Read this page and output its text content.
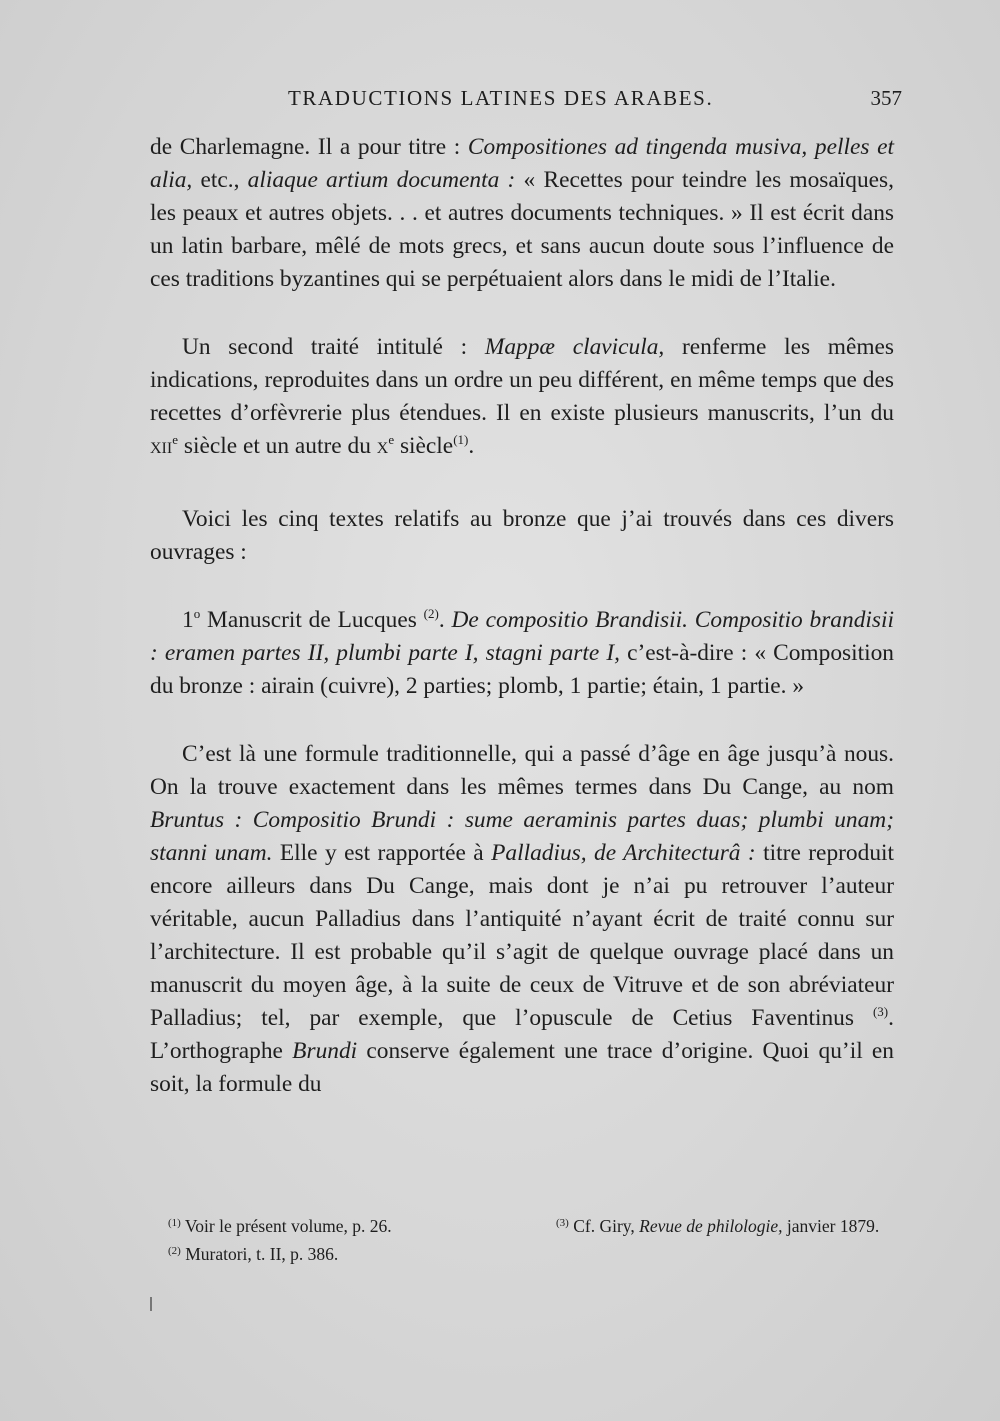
TRADUCTIONS LATINES DES ARABES.	357

de Charlemagne. Il a pour titre : Compositiones ad tingenda musiva, pelles et alia, etc., aliaque artium documenta : « Recettes pour teindre les mosaïques, les peaux et autres objets. . . et autres documents techniques. » Il est écrit dans un latin barbare, mêlé de mots grecs, et sans aucun doute sous l’influence de ces traditions byzantines qui se perpétuaient alors dans le midi de l’Italie.

Un second traité intitulé : Mappæ clavicula, renferme les mêmes indications, reproduites dans un ordre un peu différent, en même temps que des recettes d’orfèvrerie plus étendues. Il en existe plusieurs manuscrits, l’un du xii$^e$ siècle et un autre du $x^e$ siècle$^{(1)}$.

Voici les cinq textes relatifs au bronze que j’ai trouvés dans ces divers ouvrages :

1$^o$ Manuscrit de Lucques $^{(2)}$. De compositio Brandisii. Compositio brandisii : eramen partes II, plumbi parte I, stagni parte I, c’est-à-dire : « Composition du bronze : airain (cuivre), 2 parties; plomb, 1 partie; étain, 1 partie. »

C’est là une formule traditionnelle, qui a passé d’âge en âge jusqu’à nous. On la trouve exactement dans les mêmes termes dans Du Cange, au nom Bruntus : Compositio Brundi : sume aeraminis partes duas; plumbi unam; stanni unam. Elle y est rapportée à Palladius, de Architecturâ : titre reproduit encore ailleurs dans Du Cange, mais dont je n’ai pu retrouver l’auteur véritable, aucun Palladius dans l’antiquité n’ayant écrit de traité connu sur l’architecture. Il est probable qu’il s’agit de quelque ouvrage placé dans un manuscrit du moyen âge, à la suite de ceux de Vitruve et de son abréviateur Palladius; tel, par exemple, que l’opuscule de Cetius Faventinus $^{(3)}$. L’orthographe Brundi conserve également une trace d’origine. Quoi qu’il en soit, la formule du

$^{(1)}$ Voir le présent volume, p. 26.

$^{(2)}$ Muratori, t. II, p. 386.

$^{(3)}$ Cf. Giry, Revue de philologie, janvier 1879.
